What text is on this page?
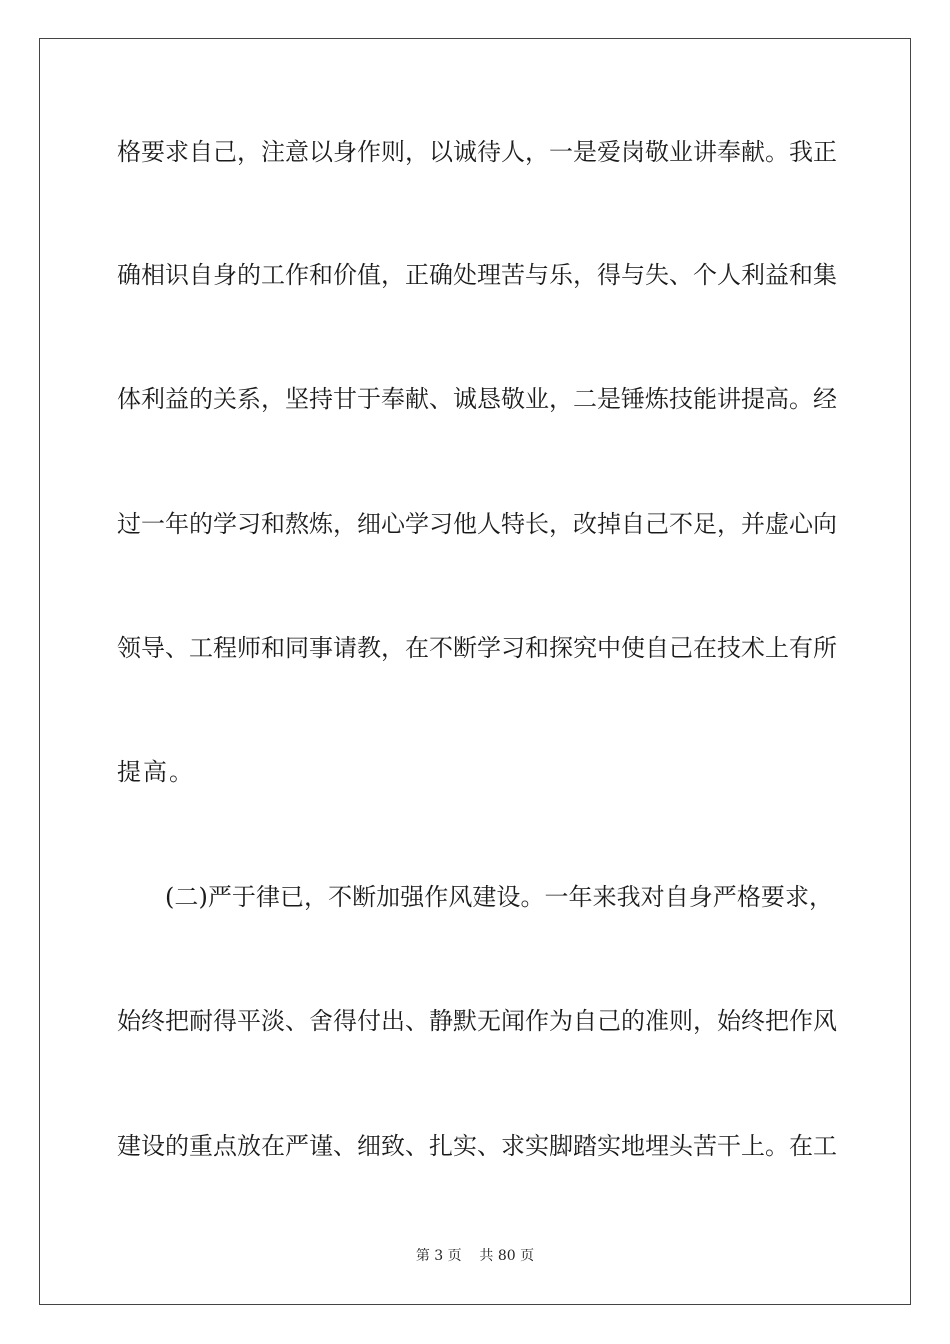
格要求自己，注意以身作则，以诚待人，一是爱岗敬业讲奉献。我正
确相识自身的工作和价值，正确处理苦与乐，得与失、个人利益和集
体利益的关系，坚持甘于奉献、诚恳敬业，二是锤炼技能讲提高。经
过一年的学习和熬炼，细心学习他人特长，改掉自己不足，并虚心向
领导、工程师和同事请教，在不断学习和探究中使自己在技术上有所
提高。
(二)严于律已，不断加强作风建设。一年来我对自身严格要求，
始终把耐得平淡、舍得付出、静默无闻作为自己的准则，始终把作风
建设的重点放在严谨、细致、扎实、求实脚踏实地埋头苦干上。在工
第 3 页    共 80 页
